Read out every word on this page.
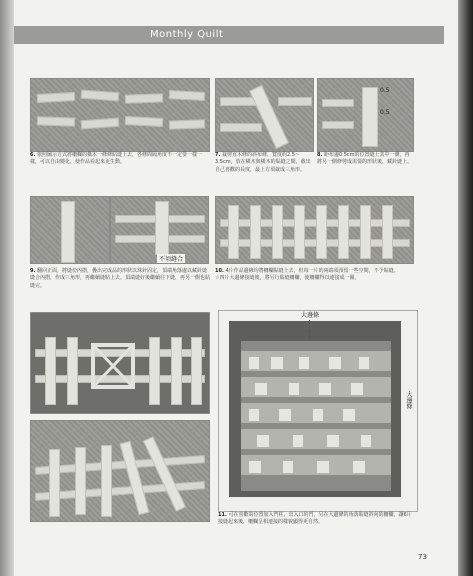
Monthly Quilt
6. 依照圖示方式將柵欄的橫木一條條貼縫上去，各條間隔角度不一定要一樣一樣，可以自由變化，使作品看起來更生動。
7. 裁剪直木條的斜布條，寬度約2.5～3.5cm，放在橫木與橫木的貼縫之間，截出自己喜歡的長度，最上方須裁成三角形。
0.5
0.5
8. 距布邊0.5cm的位置縫上其中一側，再將另一側修剪成需要的形狀後，藏針縫上。
不須縫合
9. 翻回正面，將縫份內摺，疊出完成品的形狀以珠針固定，頂端角落處以藏針縫縫合內摺，作成三角形，再繼續縫貼上去。頂端縫好後繼續往下縫，再另一側也貼縫完。
10. 4片作品邊緣均將柵欄貼縫上去，但每一片的兩端須預留一些空間，不予貼縫。
☆四片大邊條接縫後，將另行貼縫柵欄，使柵欄得以連接成一圈。
大邊條
大邊條
11. 可在喜歡的位置加入門柱、出入口的門，另在大邊條的角落貼縫斜向的柵欄，讓6片接縫起來後，柵欄呈相連接的樣貌顯得更自然。
73
